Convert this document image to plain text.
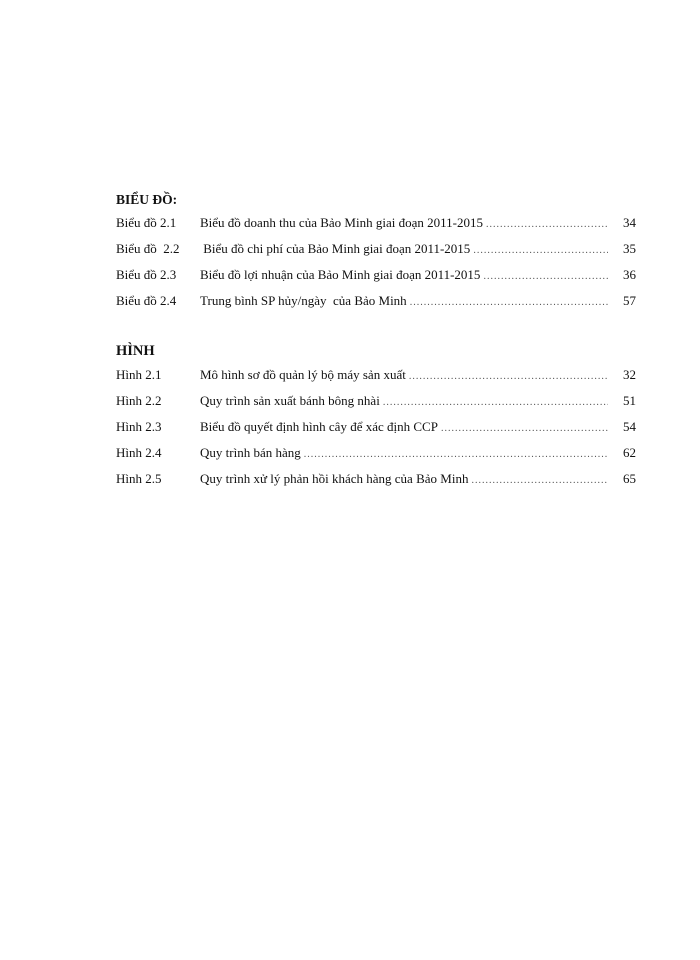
BIỂU ĐỒ:
Biểu đồ 2.1	Biểu đồ doanh thu của Bảo Minh giai đoạn 2011-2015 .....	34
Biểu đồ  2.2	Biểu đồ chi phí của Bảo Minh giai đoạn 2011-2015 .....	35
Biểu đồ 2.3	Biểu đồ lợi nhuận của Bảo Minh giai đoạn 2011-2015 .....	36
Biểu đồ 2.4	Trung bình SP hủy/ngày  của Bảo Minh .....	57
HÌNH
Hình 2.1	Mô hình sơ đồ quản lý bộ máy sản xuất .....	32
Hình 2.2	Quy trình sản xuất bánh bông nhài .....	51
Hình 2.3	Biểu đồ quyết định hình cây để xác định CCP .....	54
Hình 2.4	Quy trình bán hàng .....	62
Hình 2.5	Quy trình xử lý phản hồi khách hàng của Bảo Minh .....	65
